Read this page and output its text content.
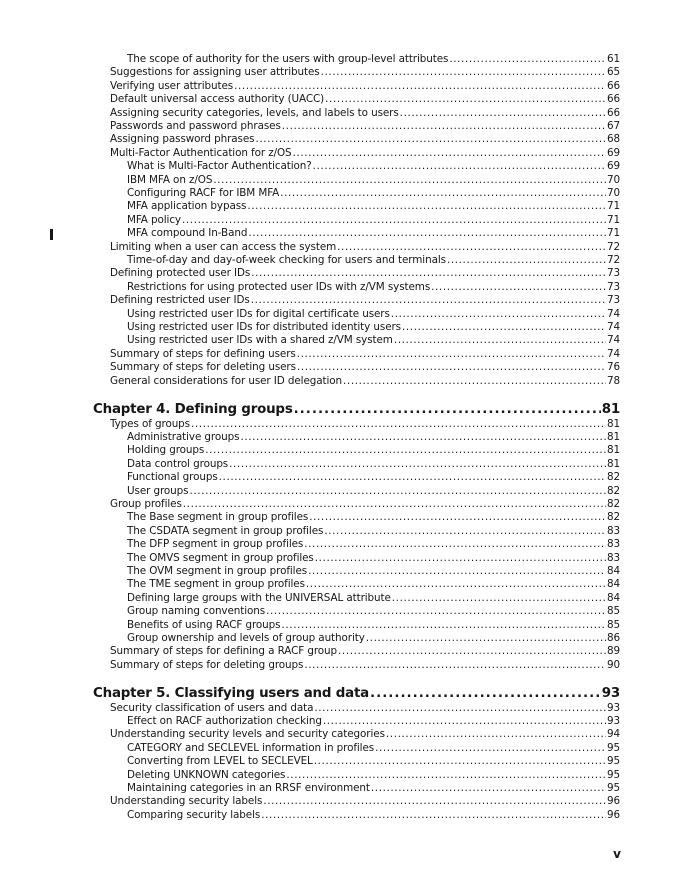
The scope of authority for the users with group-level attributes .....	61
Suggestions for assigning user attributes .....	65
Verifying user attributes .....	66
Default universal access authority (UACC) .....	66
Assigning security categories, levels, and labels to users .....	66
Passwords and password phrases .....	67
Assigning password phrases .....	68
Multi-Factor Authentication for z/OS .....	69
What is Multi-Factor Authentication? .....	69
IBM MFA on z/OS .....	70
Configuring RACF for IBM MFA .....	70
MFA application bypass .....	71
MFA policy .....	71
MFA compound In-Band .....	71
Limiting when a user can access the system .....	72
Time-of-day and day-of-week checking for users and terminals .....	72
Defining protected user IDs .....	73
Restrictions for using protected user IDs with z/VM systems .....	73
Defining restricted user IDs .....	73
Using restricted user IDs for digital certificate users .....	74
Using restricted user IDs for distributed identity users .....	74
Using restricted user IDs with a shared z/VM system .....	74
Summary of steps for defining users .....	74
Summary of steps for deleting users .....	76
General considerations for user ID delegation .....	78
Chapter 4. Defining groups .....	81
Types of groups .....	81
Administrative groups .....	81
Holding groups .....	81
Data control groups .....	81
Functional groups .....	82
User groups .....	82
Group profiles .....	82
The Base segment in group profiles .....	82
The CSDATA segment in group profiles .....	83
The DFP segment in group profiles .....	83
The OMVS segment in group profiles .....	83
The OVM segment in group profiles .....	84
The TME segment in group profiles .....	84
Defining large groups with the UNIVERSAL attribute .....	84
Group naming conventions .....	85
Benefits of using RACF groups .....	85
Group ownership and levels of group authority .....	86
Summary of steps for defining a RACF group .....	89
Summary of steps for deleting groups .....	90
Chapter 5. Classifying users and data .....	93
Security classification of users and data .....	93
Effect on RACF authorization checking .....	93
Understanding security levels and security categories .....	94
CATEGORY and SECLEVEL information in profiles .....	95
Converting from LEVEL to SECLEVEL .....	95
Deleting UNKNOWN categories .....	95
Maintaining categories in an RRSF environment .....	95
Understanding security labels .....	96
Comparing security labels .....	96
v
